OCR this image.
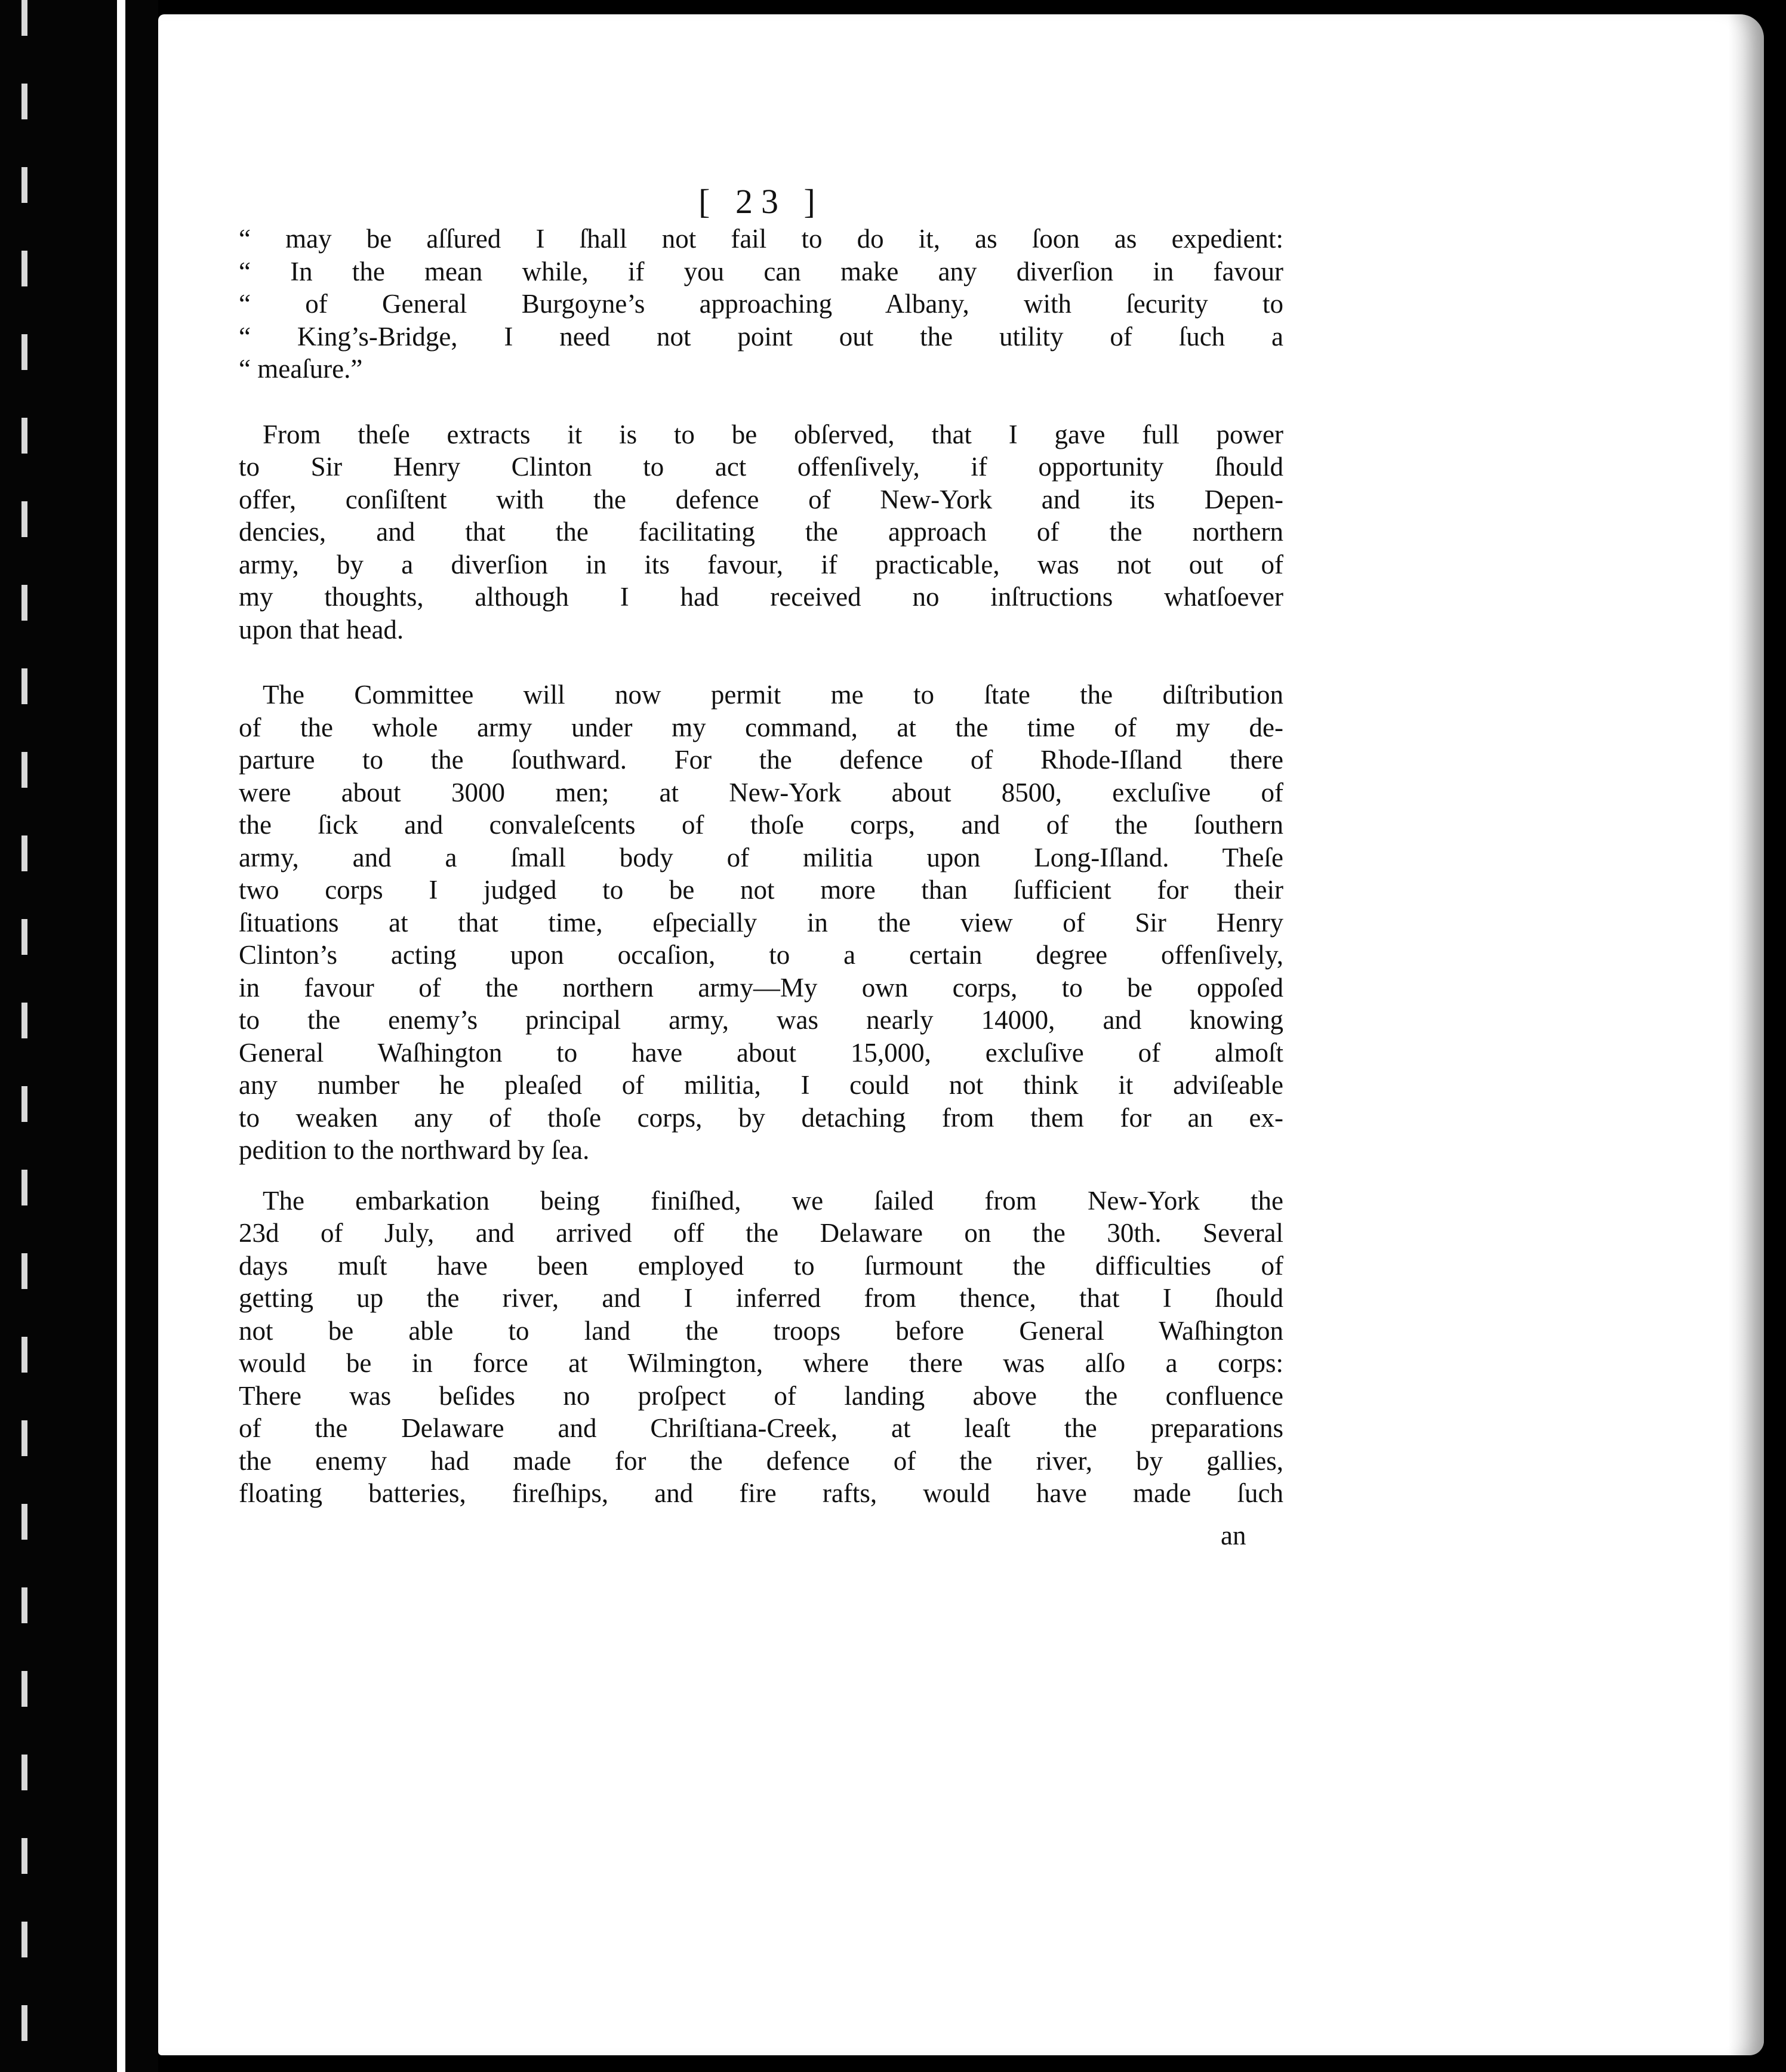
[ 23 ]
“ may be aſſured I ſhall not fail to do it, as ſoon as expedient:
“ In the mean while, if you can make any diverſion in favour
“ of General Burgoyne’s approaching Albany, with ſecurity to
“ King’s-Bridge, I need not point out the utility of ſuch a
“ meaſure.”
From theſe extracts it is to be obſerved, that I gave full power
to Sir Henry Clinton to act offenſively, if opportunity ſhould
offer, conſiſtent with the defence of New-York and its Depen-
dencies, and that the facilitating the approach of the northern
army, by a diverſion in its favour, if practicable, was not out of
my thoughts, although I had received no inſtructions whatſoever
upon that head.
The Committee will now permit me to ſtate the diſtribution
of the whole army under my command, at the time of my de-
parture to the ſouthward. For the defence of Rhode-Iſland there
were about 3000 men; at New-York about 8500, excluſive of
the ſick and convaleſcents of thoſe corps, and of the ſouthern
army, and a ſmall body of militia upon Long-Iſland. Theſe
two corps I judged to be not more than ſufficient for their
ſituations at that time, eſpecially in the view of Sir Henry
Clinton’s acting upon occaſion, to a certain degree offenſively,
in favour of the northern army—My own corps, to be oppoſed
to the enemy’s principal army, was nearly 14000, and knowing
General Waſhington to have about 15,000, excluſive of almoſt
any number he pleaſed of militia, I could not think it adviſeable
to weaken any of thoſe corps, by detaching from them for an ex-
pedition to the northward by ſea.
The embarkation being finiſhed, we ſailed from New-York the
23d of July, and arrived off the Delaware on the 30th. Several
days muſt have been employed to ſurmount the difficulties of
getting up the river, and I inferred from thence, that I ſhould
not be able to land the troops before General Waſhington
would be in force at Wilmington, where there was alſo a corps:
There was beſides no proſpect of landing above the confluence
of the Delaware and Chriſtiana-Creek, at leaſt the preparations
the enemy had made for the defence of the river, by gallies,
floating batteries, fireſhips, and fire rafts, would have made ſuch
an
